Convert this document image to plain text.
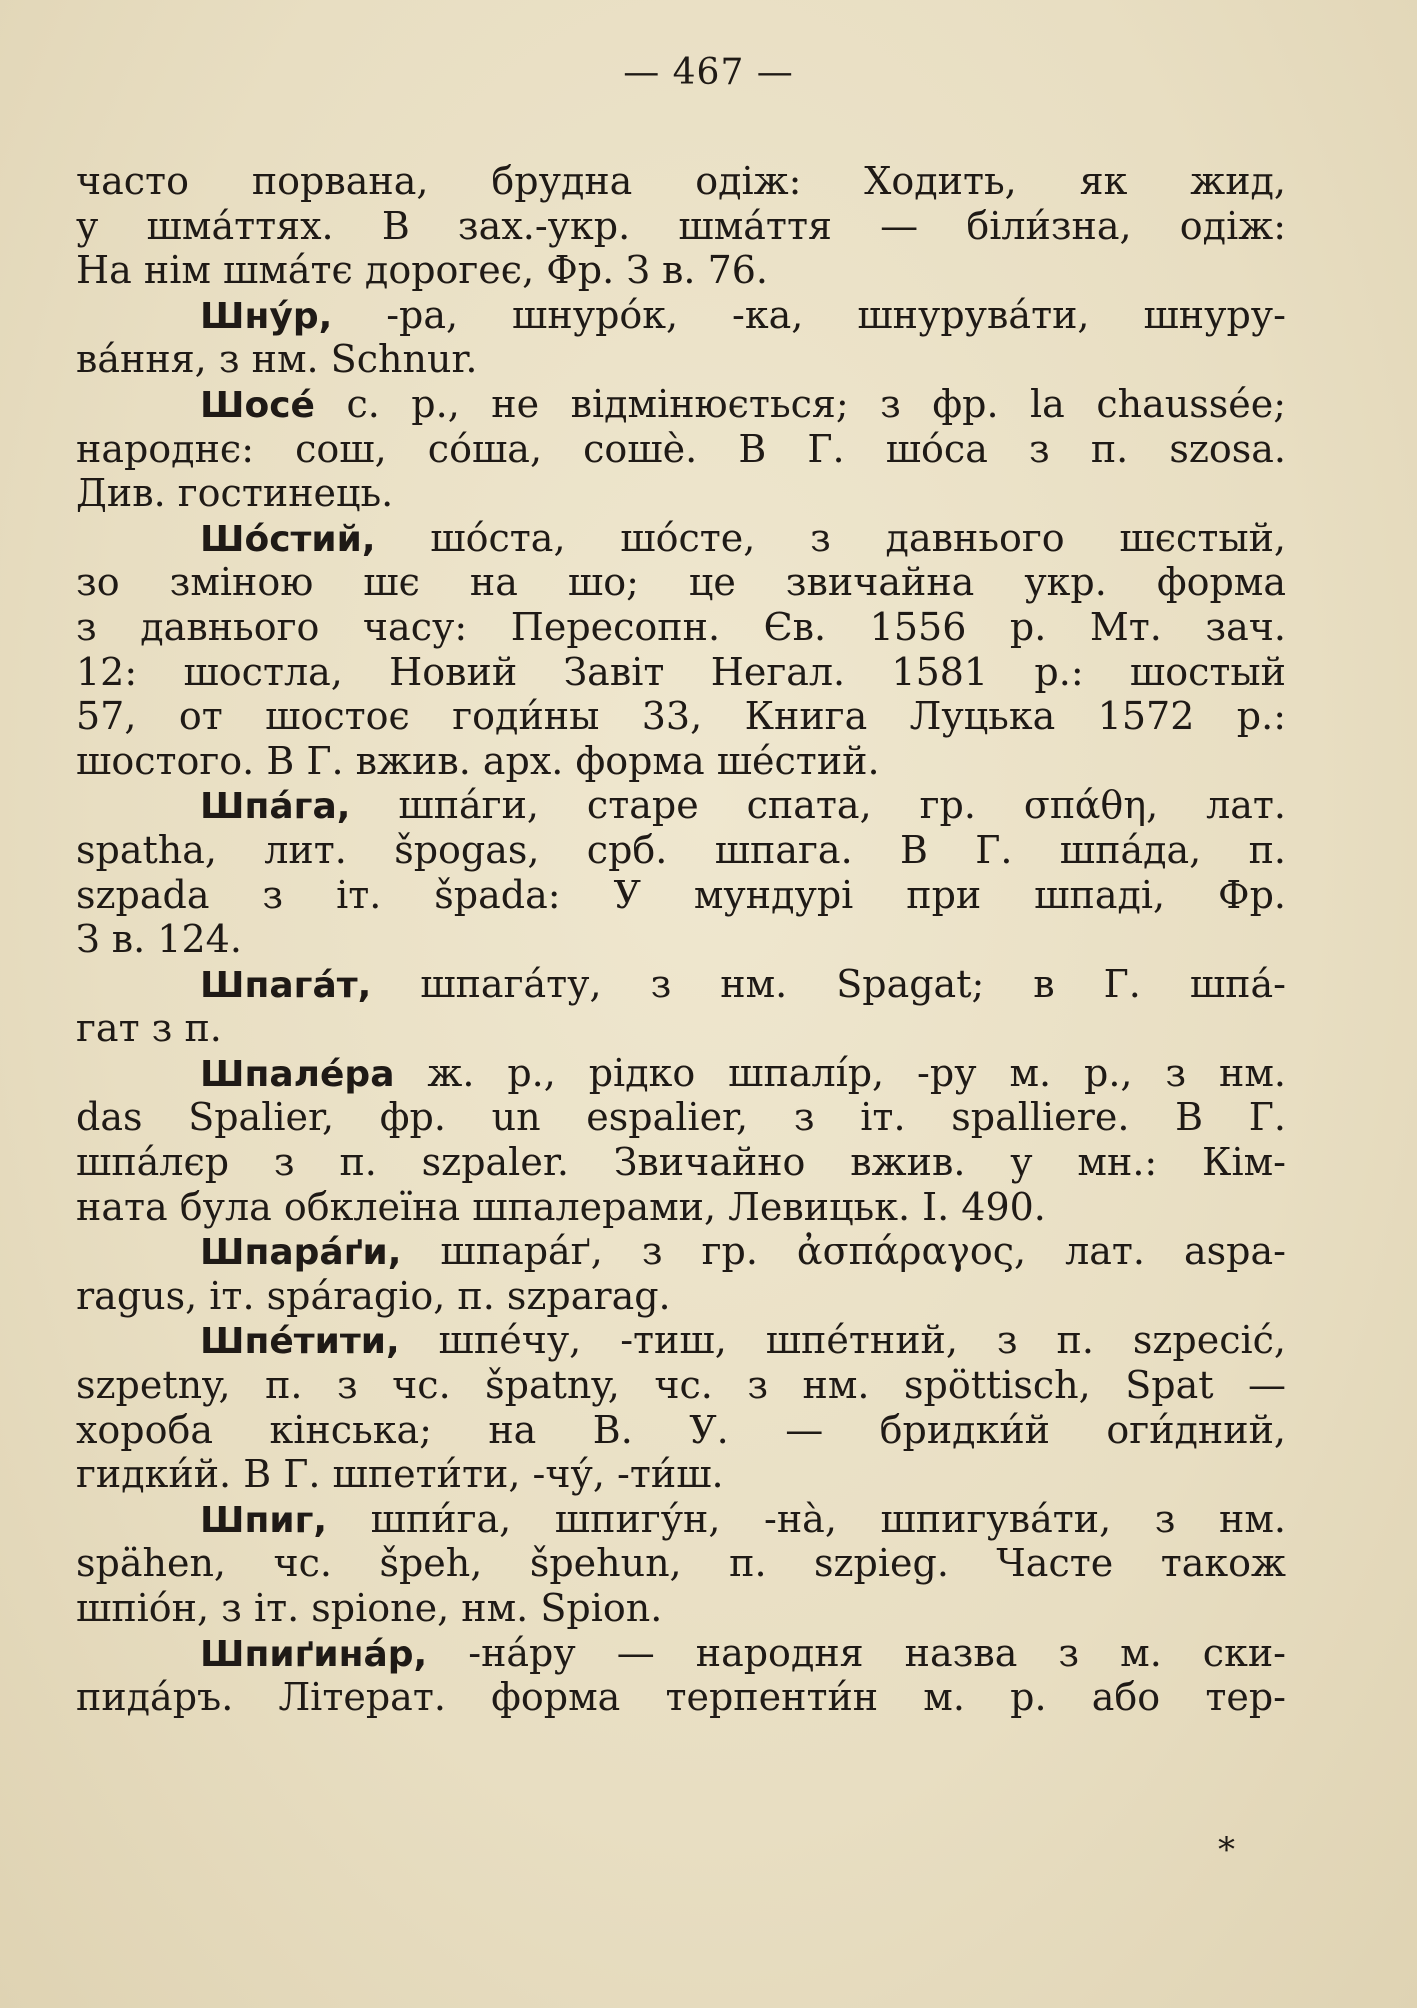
— 467 —
часто порвана, брудна одіж: Ходить, як жид,
у шма́ттях. В зах.-укр. шма́ття — біли́зна, одіж:
На нім шма́тє дорогеє, Фр. З в. 76.
Шну́р, -ра, шнуро́к, -ка, шнурува́ти, шнуру-
ва́ння, з нм. Schnur.
Шосе́ с. р., не відмінюється; з фр. la chaussée;
народнє: сош, со́ша, сошѐ. В Г. шо́са з п. szosa.
Див. гостинець.
Шо́стий, шо́ста, шо́сте, з давнього шєстый,
зо зміною шє на шо; це звичайна укр. форма
з давнього часу: Пересопн. Єв. 1556 р. Мт. зач.
12: шостла, Новий Завіт Негал. 1581 р.: шостый
57, от шостоє годи́ны 33, Книга Луцька 1572 р.:
шостого. В Г. вжив. арх. форма ше́стий.
Шпа́га, шпа́ги, старе спата, гр. σπάθη, лат.
spatha, лит. špogas, срб. шпага. В Г. шпа́да, п.
szpada з іт. špada: У мундурі при шпаді, Фр.
З в. 124.
Шпага́т, шпага́ту, з нм. Spagat; в Г. шпа́-
гат з п.
Шпале́ра ж. р., рідко шпалі́р, -ру м. р., з нм.
das Spalier, фр. un espalier, з іт. spalliere. В Г.
шпа́лєр з п. szpaler. Звичайно вжив. у мн.: Кім-
ната була обклеїна шпалерами, Левицьк. І. 490.
Шпара́ґи, шпара́ґ, з гр. ἀσπάραγος, лат. aspa-
ragus, іт. spáragio, п. szparag.
Шпе́тити, шпе́чу, -тиш, шпе́тний, з п. szpecić,
szpetny, п. з чс. špatny, чс. з нм. spöttisch, Spat —
хороба кінська; на В. У. — бридки́й оги́дний,
гидки́й. В Г. шпети́ти, -чу́, -ти́ш.
Шпиг, шпи́га, шпигу́н, -на̀, шпигува́ти, з нм.
spähen, чс. špeh, špehun, п. szpieg. Часте також
шпіо́н, з іт. spione, нм. Spion.
Шпиґина́р, -на́ру — народня назва з м. ски-
пида́ръ. Літерат. форма терпенти́н м. р. або тер-
*
